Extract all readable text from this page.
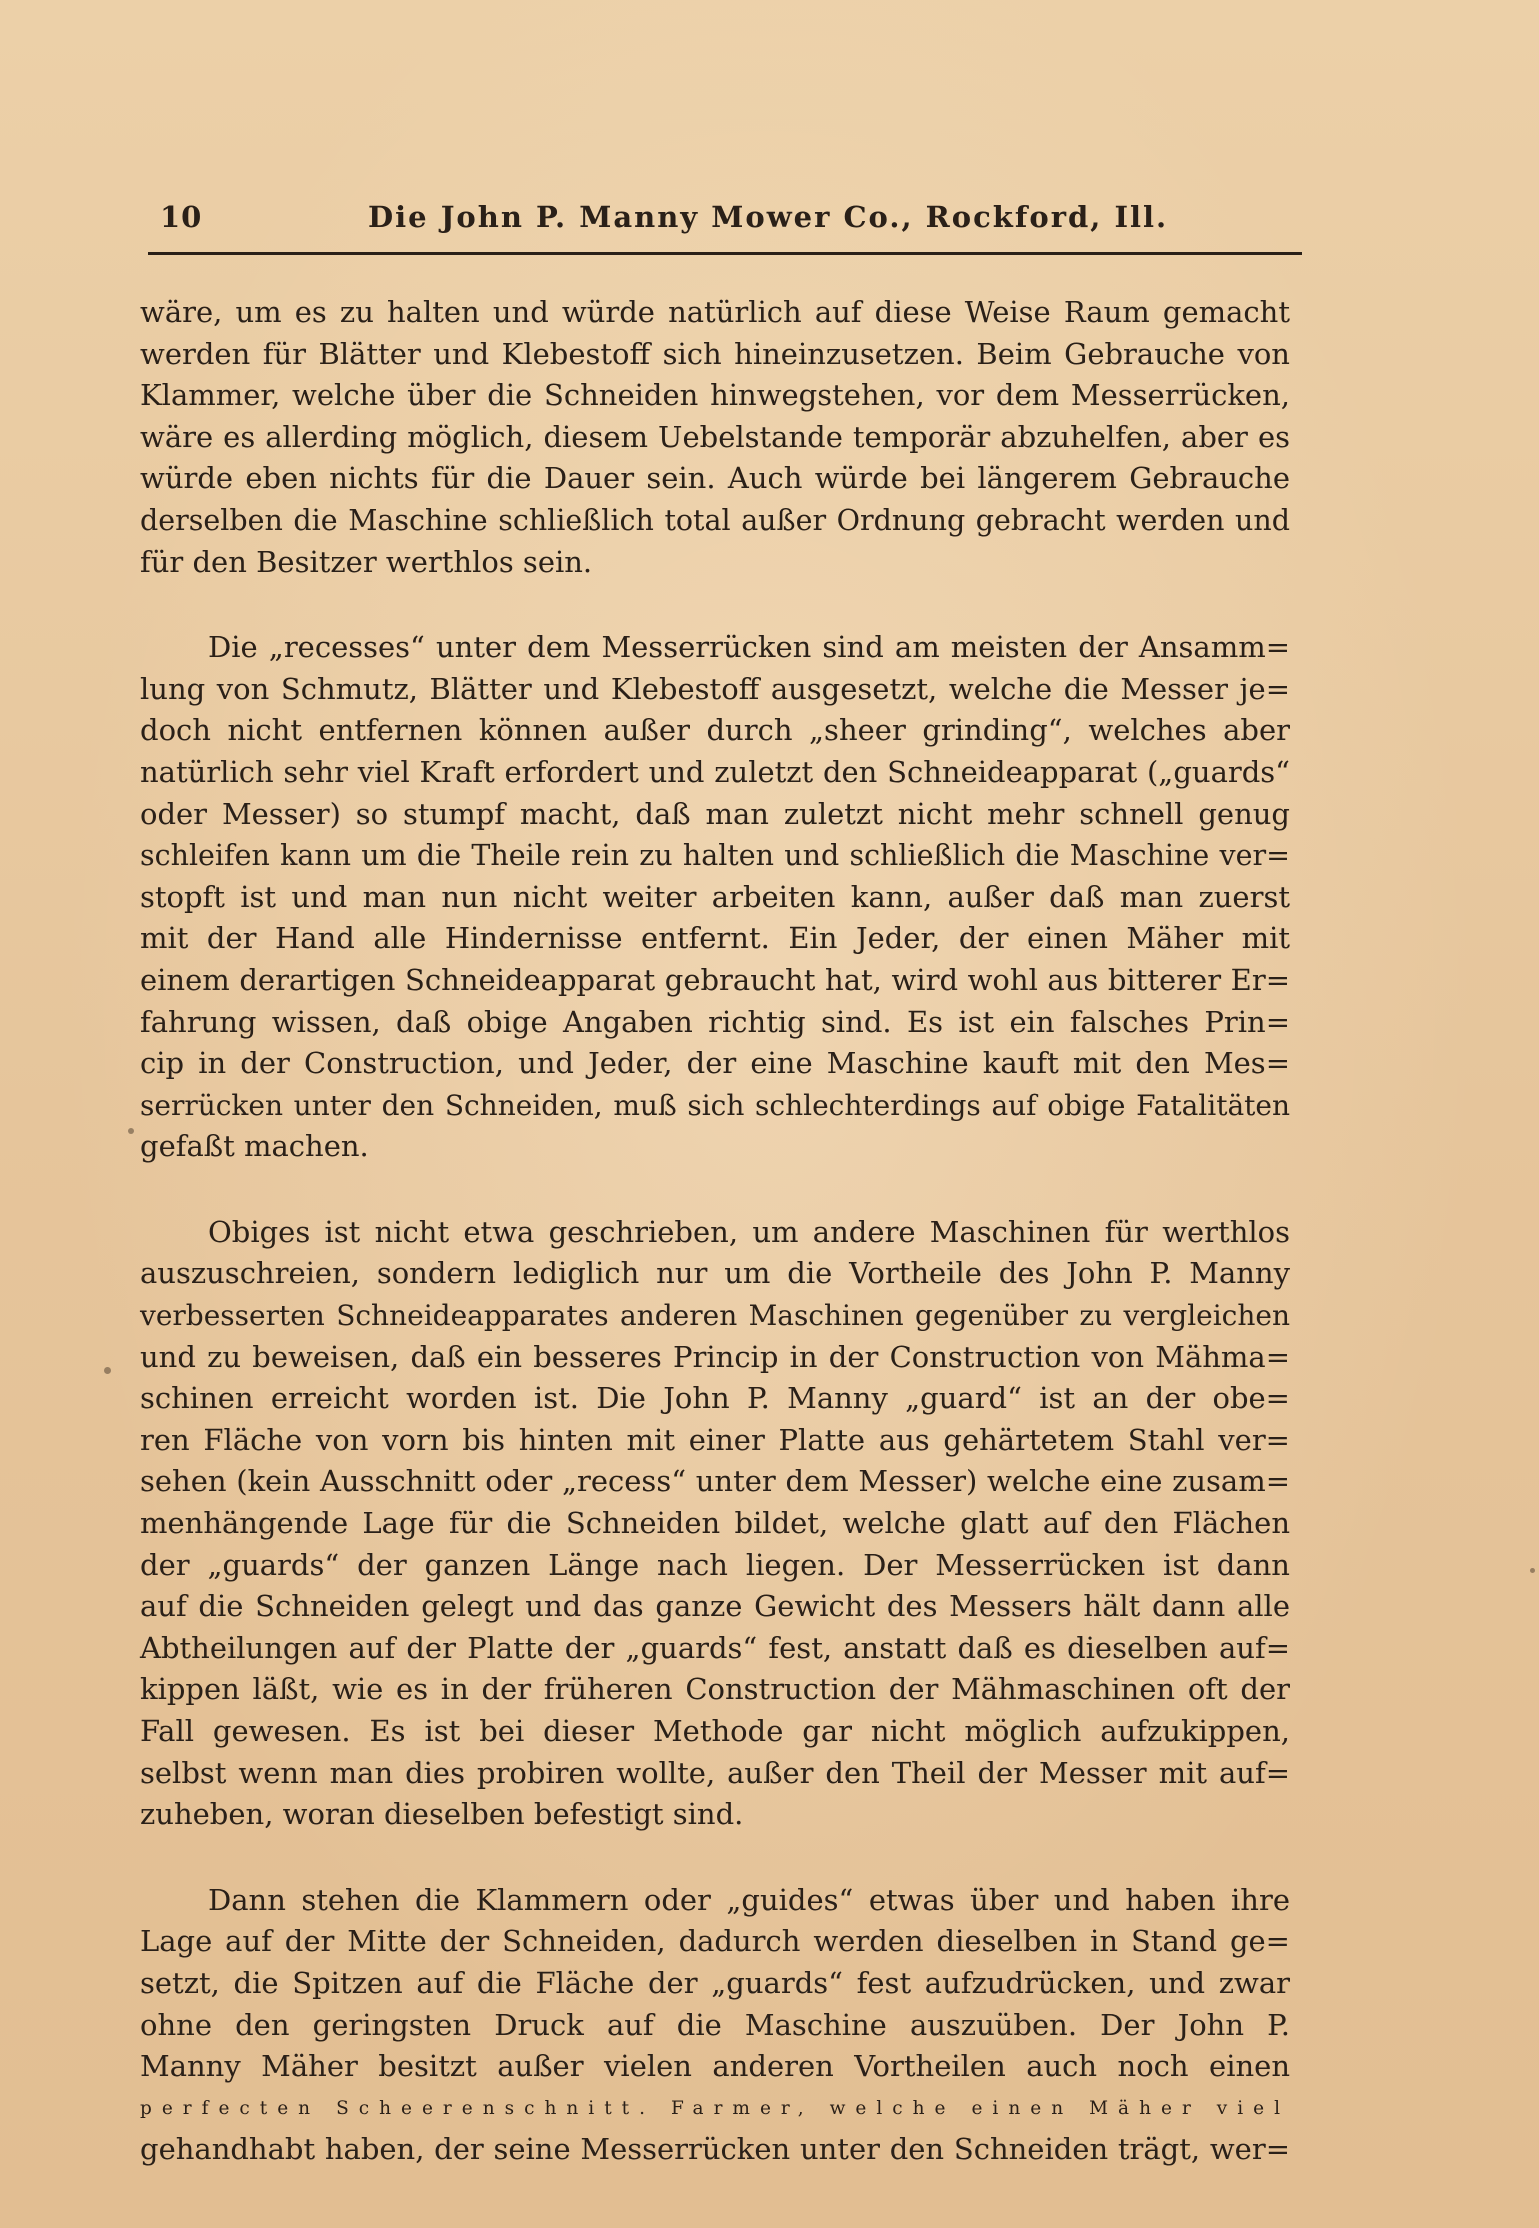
10	Die John P. Manny Mower Co., Rockford, Ill.
wäre, um es zu halten und würde natürlich auf diese Weise Raum gemacht
werden für Blätter und Klebestoff sich hineinzusetzen. Beim Gebrauche von
Klammer, welche über die Schneiden hinwegstehen, vor dem Messerrücken,
wäre es allerding möglich, diesem Uebelstande temporär abzuhelfen, aber es
würde eben nichts für die Dauer sein. Auch würde bei längerem Gebrauche
derselben die Maschine schließlich total außer Ordnung gebracht werden und
für den Besitzer werthlos sein.
Die „recesses“ unter dem Messerrücken sind am meisten der Ansamm=
lung von Schmutz, Blätter und Klebestoff ausgesetzt, welche die Messer je=
doch nicht entfernen können außer durch „sheer grinding“, welches aber
natürlich sehr viel Kraft erfordert und zuletzt den Schneideapparat („guards“
oder Messer) so stumpf macht, daß man zuletzt nicht mehr schnell genug
schleifen kann um die Theile rein zu halten und schließlich die Maschine ver=
stopft ist und man nun nicht weiter arbeiten kann, außer daß man zuerst
mit der Hand alle Hindernisse entfernt. Ein Jeder, der einen Mäher mit
einem derartigen Schneideapparat gebraucht hat, wird wohl aus bitterer Er=
fahrung wissen, daß obige Angaben richtig sind. Es ist ein falsches Prin=
cip in der Construction, und Jeder, der eine Maschine kauft mit den Mes=
serrücken unter den Schneiden, muß sich schlechterdings auf obige Fatalitäten
gefaßt machen.
Obiges ist nicht etwa geschrieben, um andere Maschinen für werthlos
auszuschreien, sondern lediglich nur um die Vortheile des John P. Manny
verbesserten Schneideapparates anderen Maschinen gegenüber zu vergleichen
und zu beweisen, daß ein besseres Princip in der Construction von Mähma=
schinen erreicht worden ist. Die John P. Manny „guard“ ist an der obe=
ren Fläche von vorn bis hinten mit einer Platte aus gehärtetem Stahl ver=
sehen (kein Ausschnitt oder „recess“ unter dem Messer) welche eine zusam=
menhängende Lage für die Schneiden bildet, welche glatt auf den Flächen
der „guards“ der ganzen Länge nach liegen. Der Messerrücken ist dann
auf die Schneiden gelegt und das ganze Gewicht des Messers hält dann alle
Abtheilungen auf der Platte der „guards“ fest, anstatt daß es dieselben auf=
kippen läßt, wie es in der früheren Construction der Mähmaschinen oft der
Fall gewesen. Es ist bei dieser Methode gar nicht möglich aufzukippen,
selbst wenn man dies probiren wollte, außer den Theil der Messer mit auf=
zuheben, woran dieselben befestigt sind.
Dann stehen die Klammern oder „guides“ etwas über und haben ihre
Lage auf der Mitte der Schneiden, dadurch werden dieselben in Stand ge=
setzt, die Spitzen auf die Fläche der „guards“ fest aufzudrücken, und zwar
ohne den geringsten Druck auf die Maschine auszuüben. Der John P.
Manny Mäher besitzt außer vielen anderen Vortheilen auch noch einen
perfecten Scheerenschnitt. Farmer, welche einen Mäher viel
gehandhabt haben, der seine Messerrücken unter den Schneiden trägt, wer=
